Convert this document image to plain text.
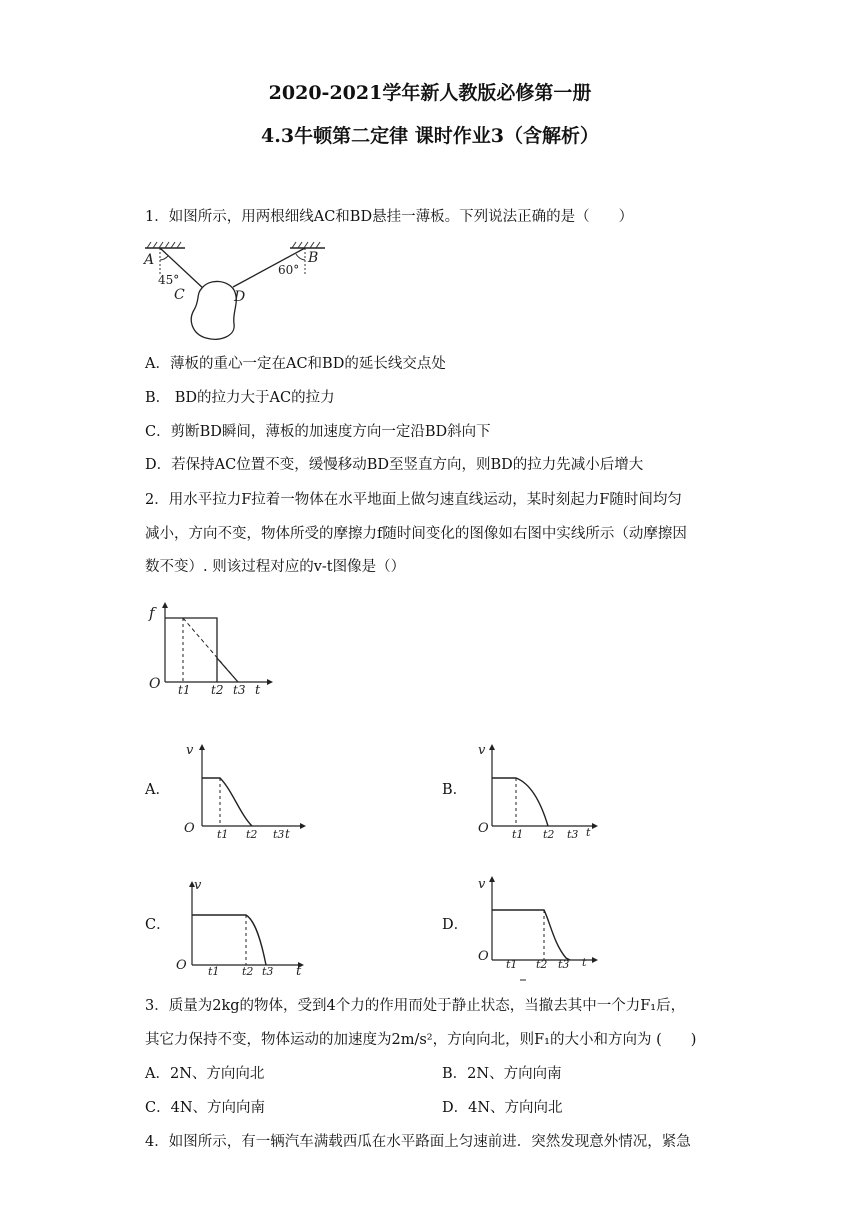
2020-2021学年新人教版必修第一册
4.3牛顿第二定律 课时作业3（含解析）
1．如图所示，用两根细线AC和BD悬挂一薄板。下列说法正确的是（　　）
A	B
C	D
45°
60°
A．薄板的重心一定在AC和BD的延长线交点处
B． BD的拉力大于AC的拉力
C．剪断BD瞬间，薄板的加速度方向一定沿BD斜向下
D．若保持AC位置不变，缓慢移动BD至竖直方向，则BD的拉力先减小后增大
2．用水平拉力F拉着一物体在水平地面上做匀速直线运动，某时刻起力F随时间均匀
减小，方向不变，物体所受的摩擦力f随时间变化的图像如右图中实线所示（动摩擦因
数不变）. 则该过程对应的v-t图像是（）
f
O t1 t2 t3 t
A．
v
O t1 t2 t3 t
B．
v
O t1 t2 t3 t
C．
v
O t1 t2 t3 t
D．
v
O
t1 t2 t3 t
3．质量为2kg的物体，受到4个力的作用而处于静止状态，当撤去其中一个力F₁后，
其它力保持不变，物体运动的加速度为2m/s²，方向向北，则F₁的大小和方向为 (　　)
A．2N、方向向北	B．2N、方向向南
C．4N、方向向南	D．4N、方向向北
4．如图所示，有一辆汽车满载西瓜在水平路面上匀速前进．突然发现意外情况，紧急
